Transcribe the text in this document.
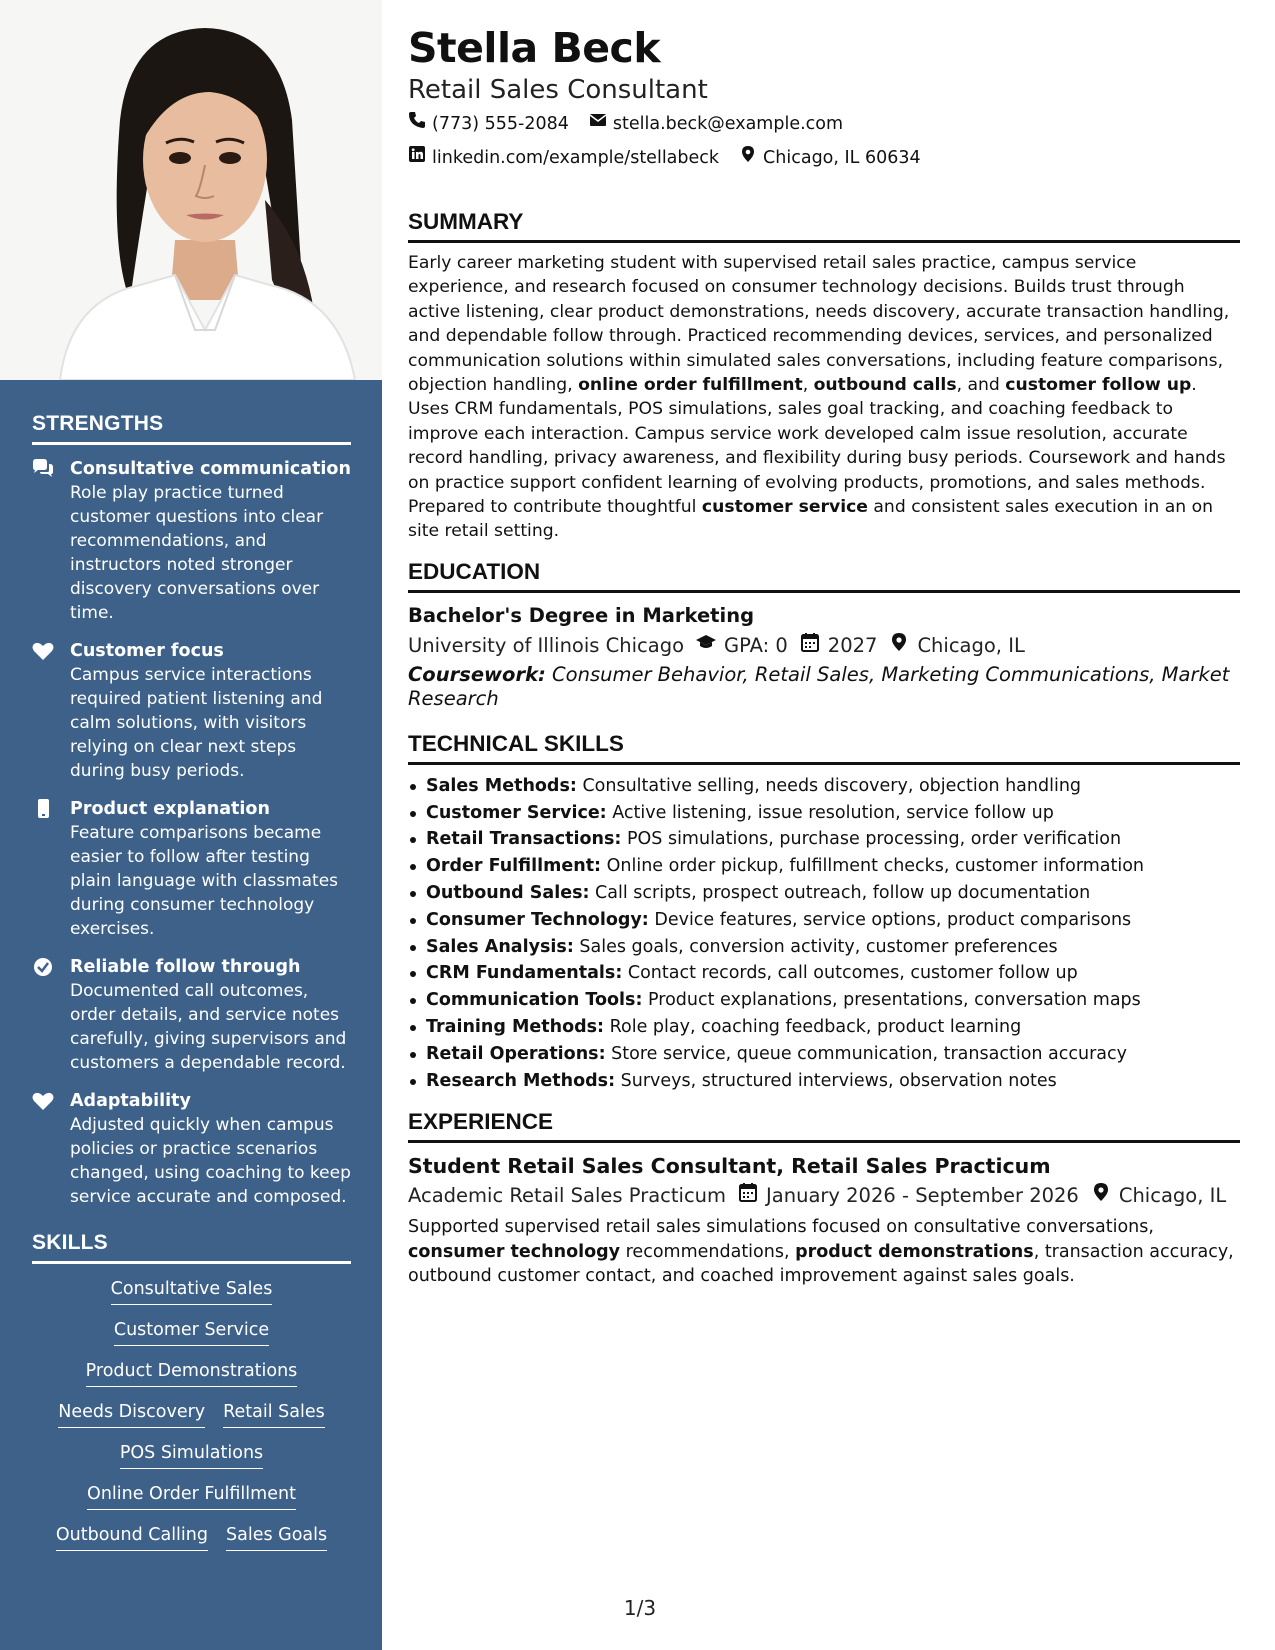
STRENGTHS
Consultative communication
Role play practice turned customer questions into clear recommendations, and instructors noted stronger discovery conversations over time.
Customer focus
Campus service interactions required patient listening and calm solutions, with visitors relying on clear next steps during busy periods.
Product explanation
Feature comparisons became easier to follow after testing plain language with classmates during consumer technology exercises.
Reliable follow through
Documented call outcomes, order details, and service notes carefully, giving supervisors and customers a dependable record.
Adaptability
Adjusted quickly when campus policies or practice scenarios changed, using coaching to keep service accurate and composed.
SKILLS
Consultative Sales
Customer Service
Product Demonstrations
Needs Discovery Retail Sales
POS Simulations
Online Order Fulfillment
Outbound Calling Sales Goals
Stella Beck
Retail Sales Consultant
(773) 555-2084	stella.beck@example.com
linkedin.com/example/stellabeck	Chicago, IL 60634
SUMMARY

Early career marketing student with supervised retail sales practice, campus service experience, and research focused on consumer technology decisions. Builds trust through active listening, clear product demonstrations, needs discovery, accurate transaction handling, and dependable follow through. Practiced recommending devices, services, and personalized communication solutions within simulated sales conversations, including feature comparisons, objection handling, online order fulfillment, outbound calls, and customer follow up. Uses CRM fundamentals, POS simulations, sales goal tracking, and coaching feedback to improve each interaction. Campus service work developed calm issue resolution, accurate record handling, privacy awareness, and flexibility during busy periods. Coursework and hands on practice support confident learning of evolving products, promotions, and sales methods. Prepared to contribute thoughtful customer service and consistent sales execution in an on site retail setting.

EDUCATION
Bachelor's Degree in Marketing
University of Illinois Chicago GPA: 0 2027 Chicago, IL
Coursework: Consumer Behavior, Retail Sales, Marketing Communications, Market Research
TECHNICAL SKILLS
Sales Methods: Consultative selling, needs discovery, objection handling
Customer Service: Active listening, issue resolution, service follow up
Retail Transactions: POS simulations, purchase processing, order verification
Order Fulfillment: Online order pickup, fulfillment checks, customer information
Outbound Sales: Call scripts, prospect outreach, follow up documentation
Consumer Technology: Device features, service options, product comparisons
Sales Analysis: Sales goals, conversion activity, customer preferences
CRM Fundamentals: Contact records, call outcomes, customer follow up
Communication Tools: Product explanations, presentations, conversation maps
Training Methods: Role play, coaching feedback, product learning
Retail Operations: Store service, queue communication, transaction accuracy
Research Methods: Surveys, structured interviews, observation notes
EXPERIENCE
Student Retail Sales Consultant, Retail Sales Practicum
Academic Retail Sales Practicum January 2026 - September 2026 Chicago, IL
Supported supervised retail sales simulations focused on consultative conversations, consumer technology recommendations, product demonstrations, transaction accuracy, outbound customer contact, and coached improvement against sales goals.
1/3
